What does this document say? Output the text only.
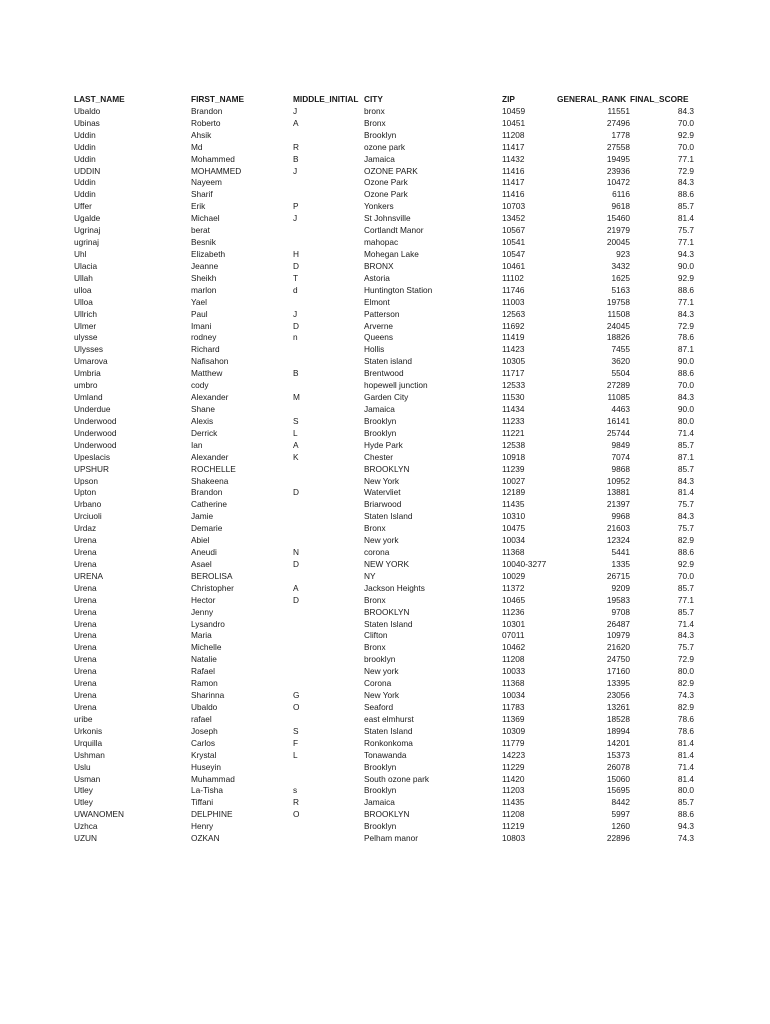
LAST_NAME	FIRST_NAME	MIDDLE_INITIAL	CITY	ZIP	GENERAL_RANK	FINAL_SCORE
Ubaldo	Brandon	J	bronx	10459	11551	84.3
Ubinas	Roberto	A	Bronx	10451	27496	70.0
Uddin	Ahsik		Brooklyn	11208	1778	92.9
Uddin	Md	R	ozone park	11417	27558	70.0
Uddin	Mohammed	B	Jamaica	11432	19495	77.1
UDDIN	MOHAMMED	J	OZONE PARK	11416	23936	72.9
Uddin	Nayeem		Ozone Park	11417	10472	84.3
Uddin	Sharif		Ozone Park	11416	6116	88.6
Uffer	Erik	P	Yonkers	10703	9618	85.7
Ugalde	Michael	J	St Johnsville	13452	15460	81.4
Ugrinaj	berat		Cortlandt Manor	10567	21979	75.7
ugrinaj	Besnik		mahopac	10541	20045	77.1
Uhl	Elizabeth	H	Mohegan Lake	10547	923	94.3
Ulacia	Jeanne	D	BRONX	10461	3432	90.0
Ullah	Sheikh	T	Astoria	11102	1625	92.9
ulloa	marlon	d	Huntington Station	11746	5163	88.6
Ulloa	Yael		Elmont	11003	19758	77.1
Ullrich	Paul	J	Patterson	12563	11508	84.3
Ulmer	Imani	D	Arverne	11692	24045	72.9
ulysse	rodney	n	Queens	11419	18826	78.6
Ulysses	Richard		Hollis	11423	7455	87.1
Umarova	Nafisahon		Staten island	10305	3620	90.0
Umbria	Matthew	B	Brentwood	11717	5504	88.6
umbro	cody		hopewell junction	12533	27289	70.0
Umland	Alexander	M	Garden City	11530	11085	84.3
Underdue	Shane		Jamaica	11434	4463	90.0
Underwood	Alexis	S	Brooklyn	11233	16141	80.0
Underwood	Derrick	L	Brooklyn	11221	25744	71.4
Underwood	Ian	A	Hyde Park	12538	9849	85.7
Upeslacis	Alexander	K	Chester	10918	7074	87.1
UPSHUR	ROCHELLE		BROOKLYN	11239	9868	85.7
Upson	Shakeena		New York	10027	10952	84.3
Upton	Brandon	D	Watervliet	12189	13881	81.4
Urbano	Catherine		Briarwood	11435	21397	75.7
Urciuoli	Jamie		Staten Island	10310	9968	84.3
Urdaz	Demarie		Bronx	10475	21603	75.7
Urena	Abiel		New york	10034	12324	82.9
Urena	Aneudi	N	corona	11368	5441	88.6
Urena	Asael	D	NEW YORK	10040-3277	1335	92.9
URENA	BEROLISA		NY	10029	26715	70.0
Urena	Christopher	A	Jackson Heights	11372	9209	85.7
Urena	Hector	D	Bronx	10465	19583	77.1
Urena	Jenny		BROOKLYN	11236	9708	85.7
Urena	Lysandro		Staten Island	10301	26487	71.4
Urena	Maria		Clifton	07011	10979	84.3
Urena	Michelle		Bronx	10462	21620	75.7
Urena	Natalie		brooklyn	11208	24750	72.9
Urena	Rafael		New york	10033	17160	80.0
Urena	Ramon		Corona	11368	13395	82.9
Urena	Sharinna	G	New York	10034	23056	74.3
Urena	Ubaldo	O	Seaford	11783	13261	82.9
uribe	rafael		east elmhurst	11369	18528	78.6
Urkonis	Joseph	S	Staten Island	10309	18994	78.6
Urquilla	Carlos	F	Ronkonkoma	11779	14201	81.4
Ushman	Krystal	L	Tonawanda	14223	15373	81.4
Uslu	Huseyin		Brooklyn	11229	26078	71.4
Usman	Muhammad		South ozone park	11420	15060	81.4
Utley	La-Tisha	s	Brooklyn	11203	15695	80.0
Utley	Tiffani	R	Jamaica	11435	8442	85.7
UWANOMEN	DELPHINE	O	BROOKLYN	11208	5997	88.6
Uzhca	Henry		Brooklyn	11219	1260	94.3
UZUN	OZKAN		Pelham manor	10803	22896	74.3
